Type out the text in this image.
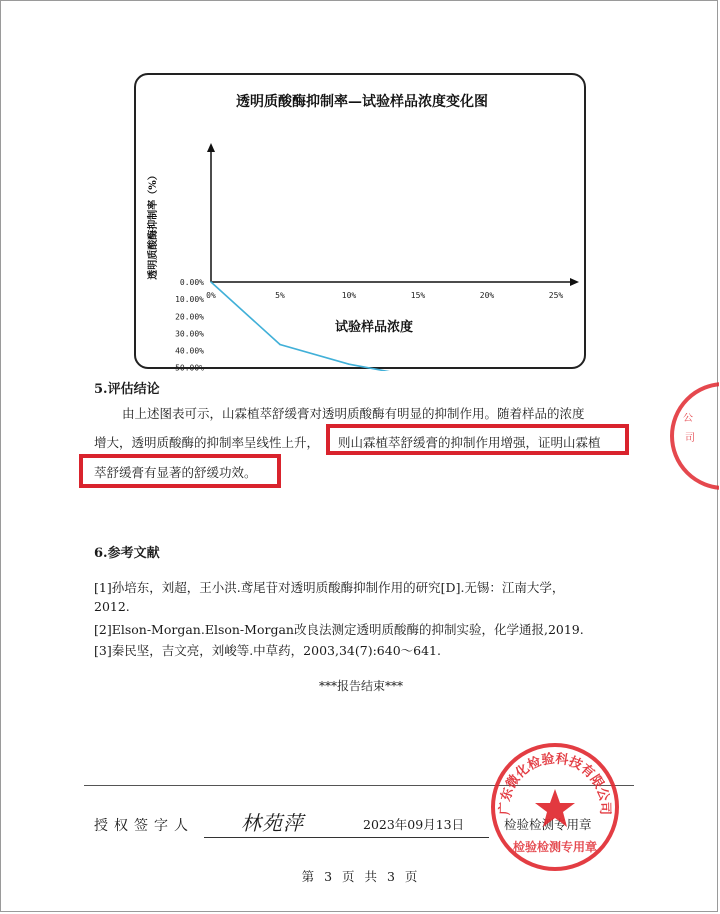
透明质酸酶抑制率—试验样品浓度变化图
0.00%
10.00%
20.00%
30.00%
40.00%
50.00%
0%	5%	10%	15%	20%	25%
试验样品浓度
透明质酸酶抑制率（%）
5.评估结论
由上述图表可示，山霖植萃舒缓膏对透明质酸酶有明显的抑制作用。随着样品的浓度
增大，透明质酸酶的抑制率呈线性上升， 则山霖植萃舒缓膏的抑制作用增强，证明山霖植
萃舒缓膏有显著的舒缓功效。
6.参考文献
[1]孙培东，刘超，王小洪.鸢尾苷对透明质酸酶抑制作用的研究[D].无锡：江南大学，
2012.
[2]Elson-Morgan.Elson-Morgan改良法测定透明质酸酶的抑制实验，化学通报,2019.
[3]秦民坚，吉文亮，刘峻等.中草药，2003,34(7):640～641.
***报告结束***
授权签字人 林苑萍	2023年09月13日	检验检测专用章
广东微化检验科技有限公司
检验检测专用章
公
司
第 3 页 共 3 页
